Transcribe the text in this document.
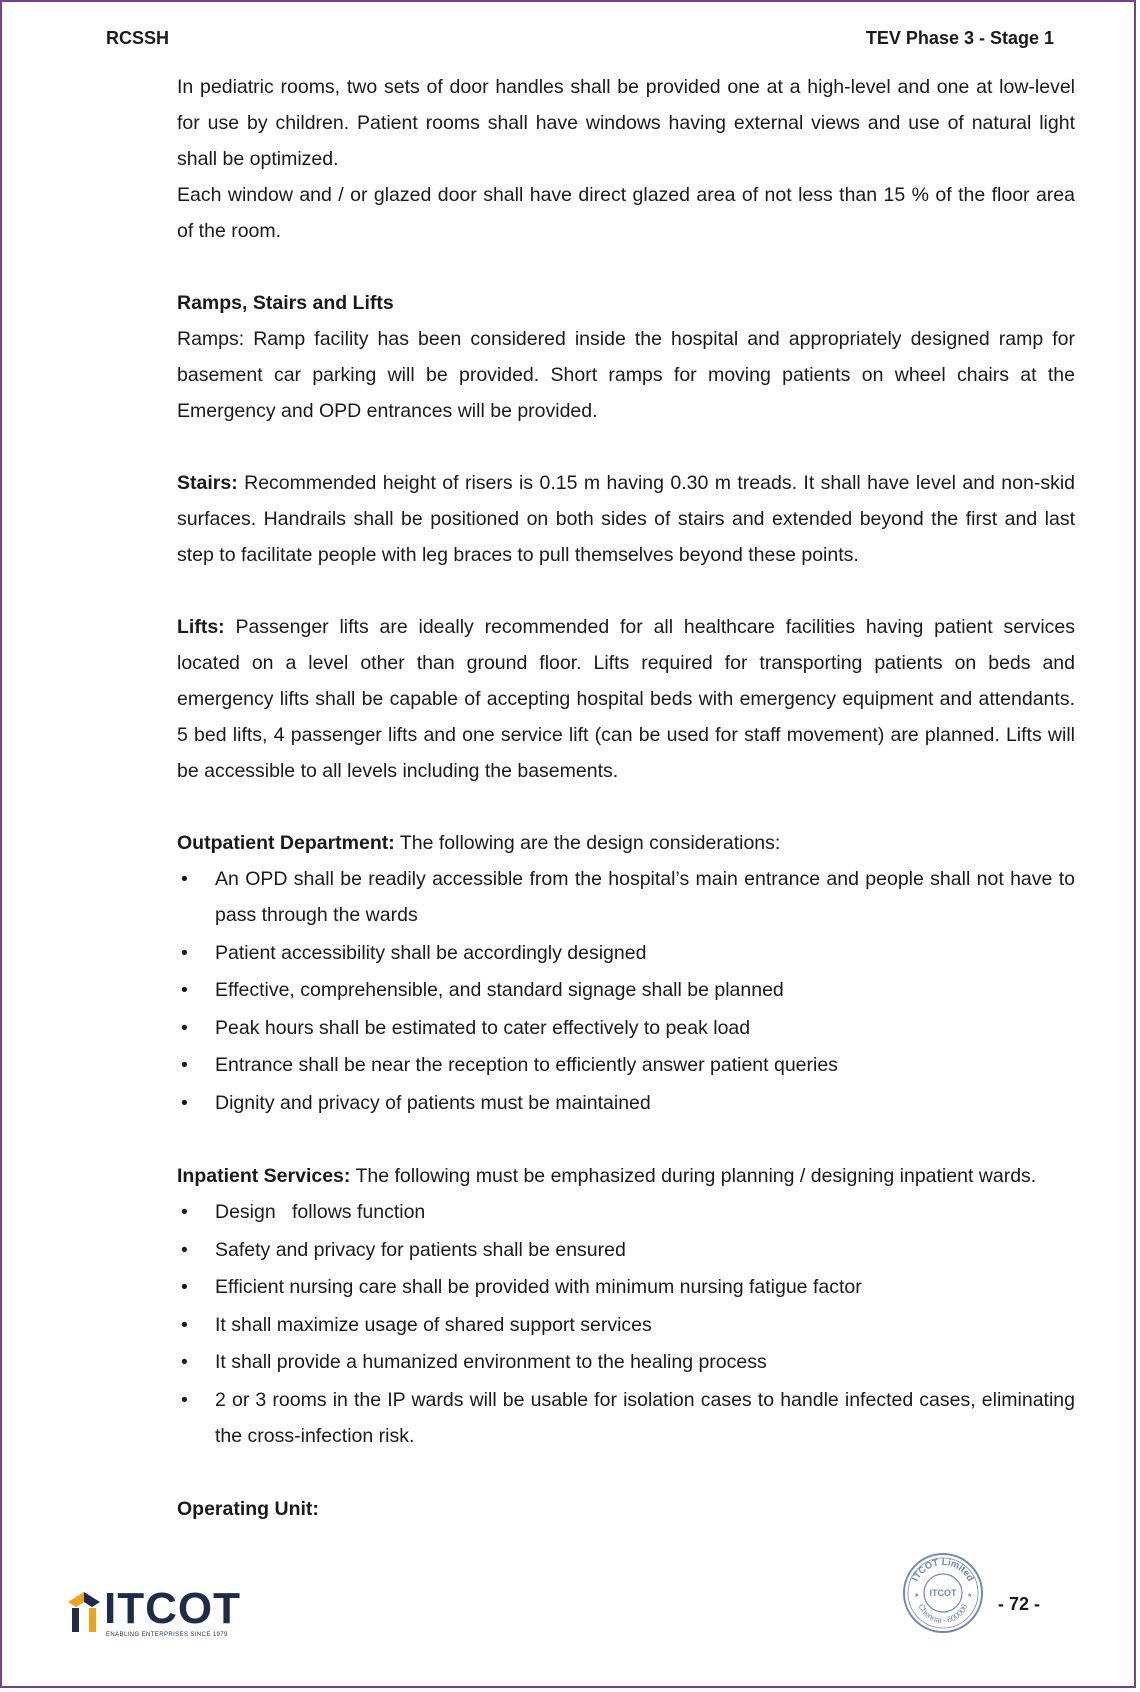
RCSSH	TEV Phase 3 - Stage 1

In pediatric rooms, two sets of door handles shall be provided one at a high-level and one at low-level for use by children. Patient rooms shall have windows having external views and use of natural light shall be optimized.

Each window and / or glazed door shall have direct glazed area of not less than 15 % of the floor area of the room.

Ramps, Stairs and Lifts

Ramps: Ramp facility has been considered inside the hospital and appropriately designed ramp for basement car parking will be provided. Short ramps for moving patients on wheel chairs at the Emergency and OPD entrances will be provided.

Stairs: Recommended height of risers is 0.15 m having 0.30 m treads. It shall have level and non-skid surfaces. Handrails shall be positioned on both sides of stairs and extended beyond the first and last step to facilitate people with leg braces to pull themselves beyond these points.

Lifts: Passenger lifts are ideally recommended for all healthcare facilities having patient services located on a level other than ground floor. Lifts required for transporting patients on beds and emergency lifts shall be capable of accepting hospital beds with emergency equipment and attendants. 5 bed lifts, 4 passenger lifts and one service lift (can be used for staff movement) are planned. Lifts will be accessible to all levels including the basements.

Outpatient Department: The following are the design considerations:

• An OPD shall be readily accessible from the hospital’s main entrance and people shall not have to pass through the wards
• Patient accessibility shall be accordingly designed
• Effective, comprehensible, and standard signage shall be planned
• Peak hours shall be estimated to cater effectively to peak load
• Entrance shall be near the reception to efficiently answer patient queries
• Dignity and privacy of patients must be maintained

Inpatient Services: The following must be emphasized during planning / designing inpatient wards.

• Design   follows function
• Safety and privacy for patients shall be ensured
• Efficient nursing care shall be provided with minimum nursing fatigue factor
• It shall maximize usage of shared support services
• It shall provide a humanized environment to the healing process
• 2 or 3 rooms in the IP wards will be usable for isolation cases to handle infected cases, eliminating the cross-infection risk.

Operating Unit:

ITCOT
ENABLING ENTERPRISES SINCE 1979
ITCOT Limited
Chennai - 600006
ITCOT
★	★ - 72 -
